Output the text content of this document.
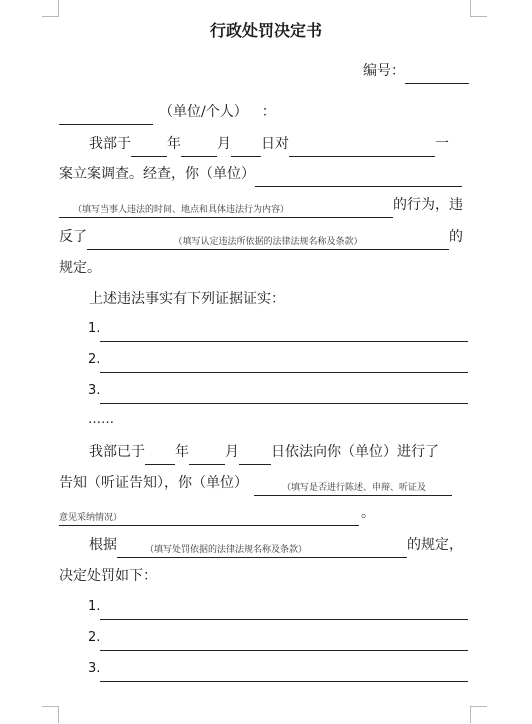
行政处罚决定书
编号：
（单位/个人） ：
我部于	年	月 日对	一
案立案调查。经查，你（单位）
（填写当事人违法的时间、地点和具体违法行为内容）	的行为，违
反了	（填写认定违法所依据的法律法规名称及条款）	的
规定。
上述违法事实有下列证据证实：
1.
2.
3.
……
我部已于 年	月 日依法向你（单位）进行了
告知（听证告知），你（单位）	（填写是否进行陈述、申辩、听证及
意见采纳情况）	。
根据	（填写处罚依据的法律法规名称及条款）	的规定，
决定处罚如下：
1.
2.
3.
